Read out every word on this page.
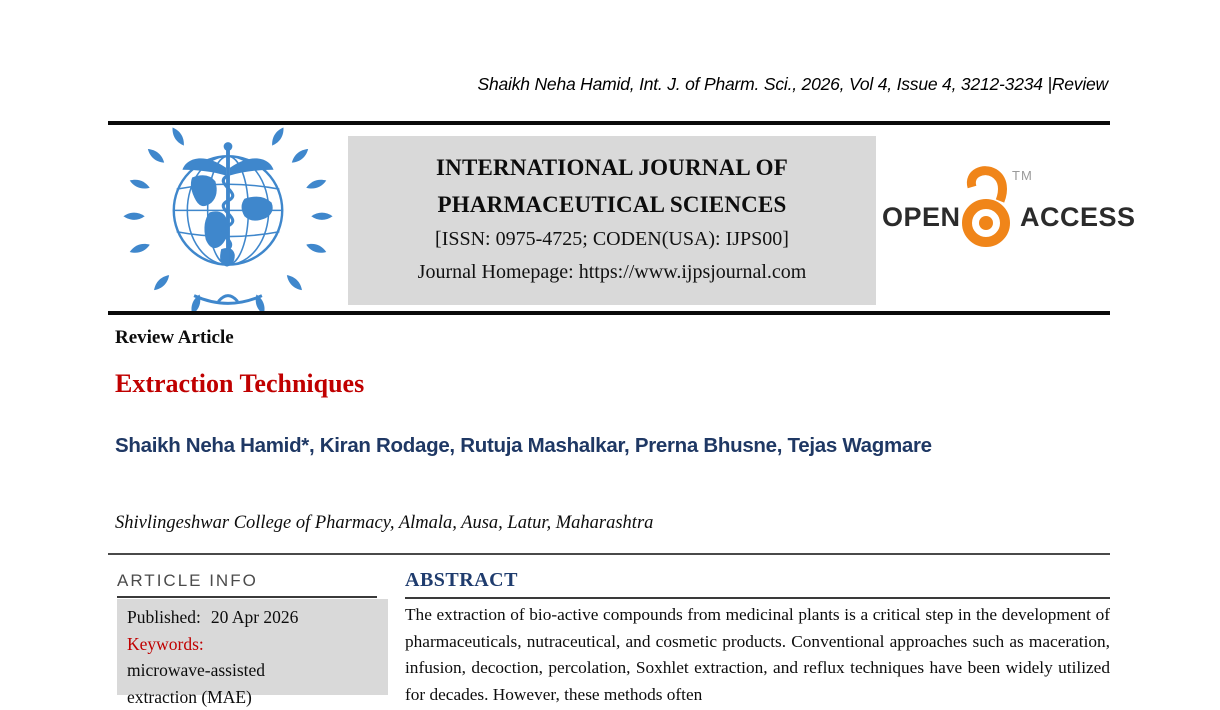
Shaikh Neha Hamid, Int. J. of Pharm. Sci., 2026, Vol 4, Issue 4, 3212-3234 |Review
INTERNATIONAL JOURNAL OF
PHARMACEUTICAL SCIENCES
[ISSN: 0975-4725; CODEN(USA): IJPS00]
Journal Homepage: https://www.ijpsjournal.com
OPEN
TM
ACCESS
Review Article
Extraction Techniques
Shaikh Neha Hamid*, Kiran Rodage, Rutuja Mashalkar, Prerna Bhusne, Tejas Wagmare
Shivlingeshwar College of Pharmacy, Almala, Ausa, Latur, Maharashtra
ARTICLE INFO
Published: 20 Apr 2026
Keywords:
microwave-assisted
extraction (MAE)
ABSTRACT
The extraction of bio-active compounds from medicinal plants is a critical step in the development of pharmaceuticals, nutraceutical, and cosmetic products. Conventional approaches such as maceration, infusion, decoction, percolation, Soxhlet extraction, and reflux techniques have been widely utilized for decades. However, these methods often
